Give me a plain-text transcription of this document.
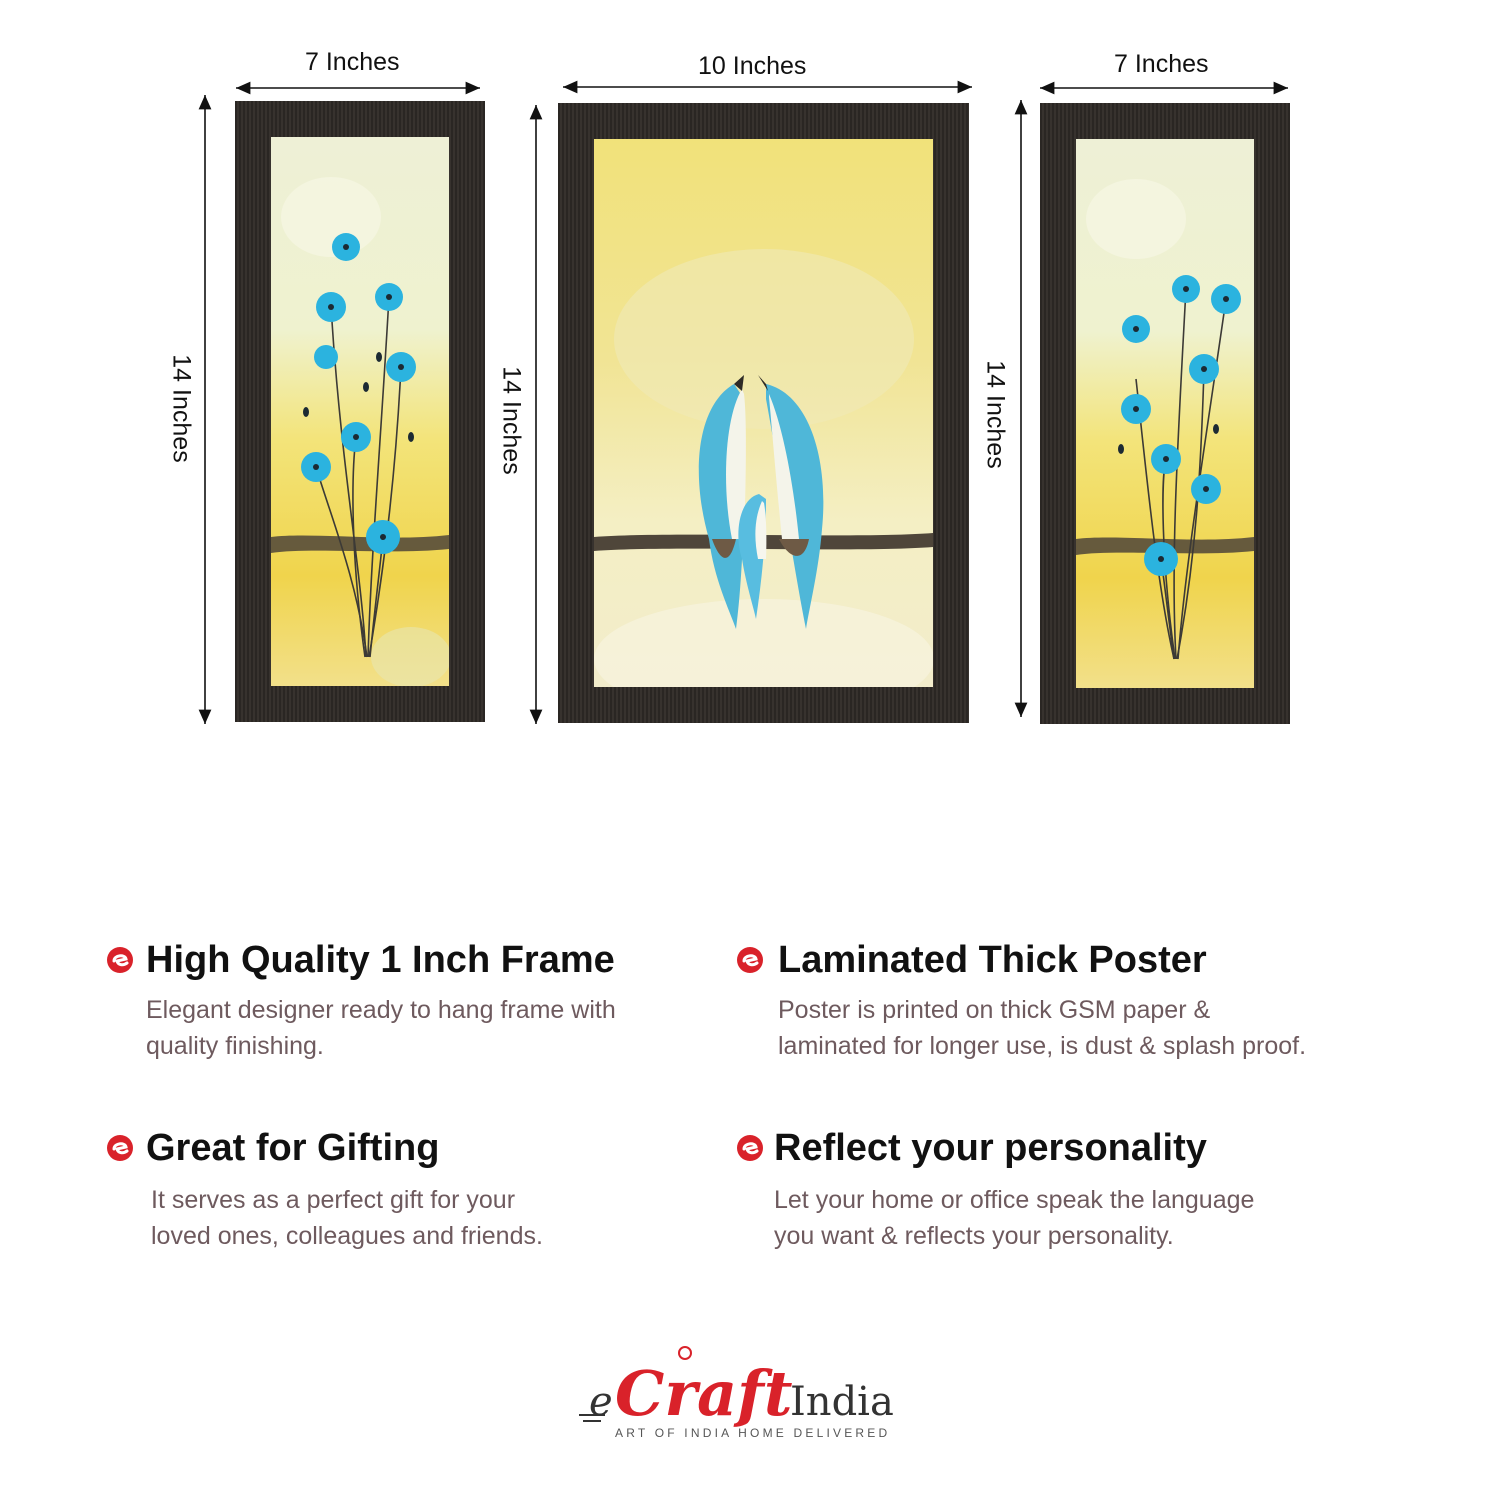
7 Inches	10 Inches	7 Inches
14 Inches	14 Inches	14 Inches
High Quality 1 Inch Frame
Elegant designer ready to hang frame with
quality finishing.
Laminated Thick Poster
Poster is printed on thick GSM paper &
laminated for longer use, is dust & splash proof.
Great for Gifting
It serves as a perfect gift for your
loved ones, colleagues and friends.
Reflect your personality
Let your home or office speak the language
you want & reflects your personality.
e Craft
India
ART OF INDIA HOME DELIVERED
